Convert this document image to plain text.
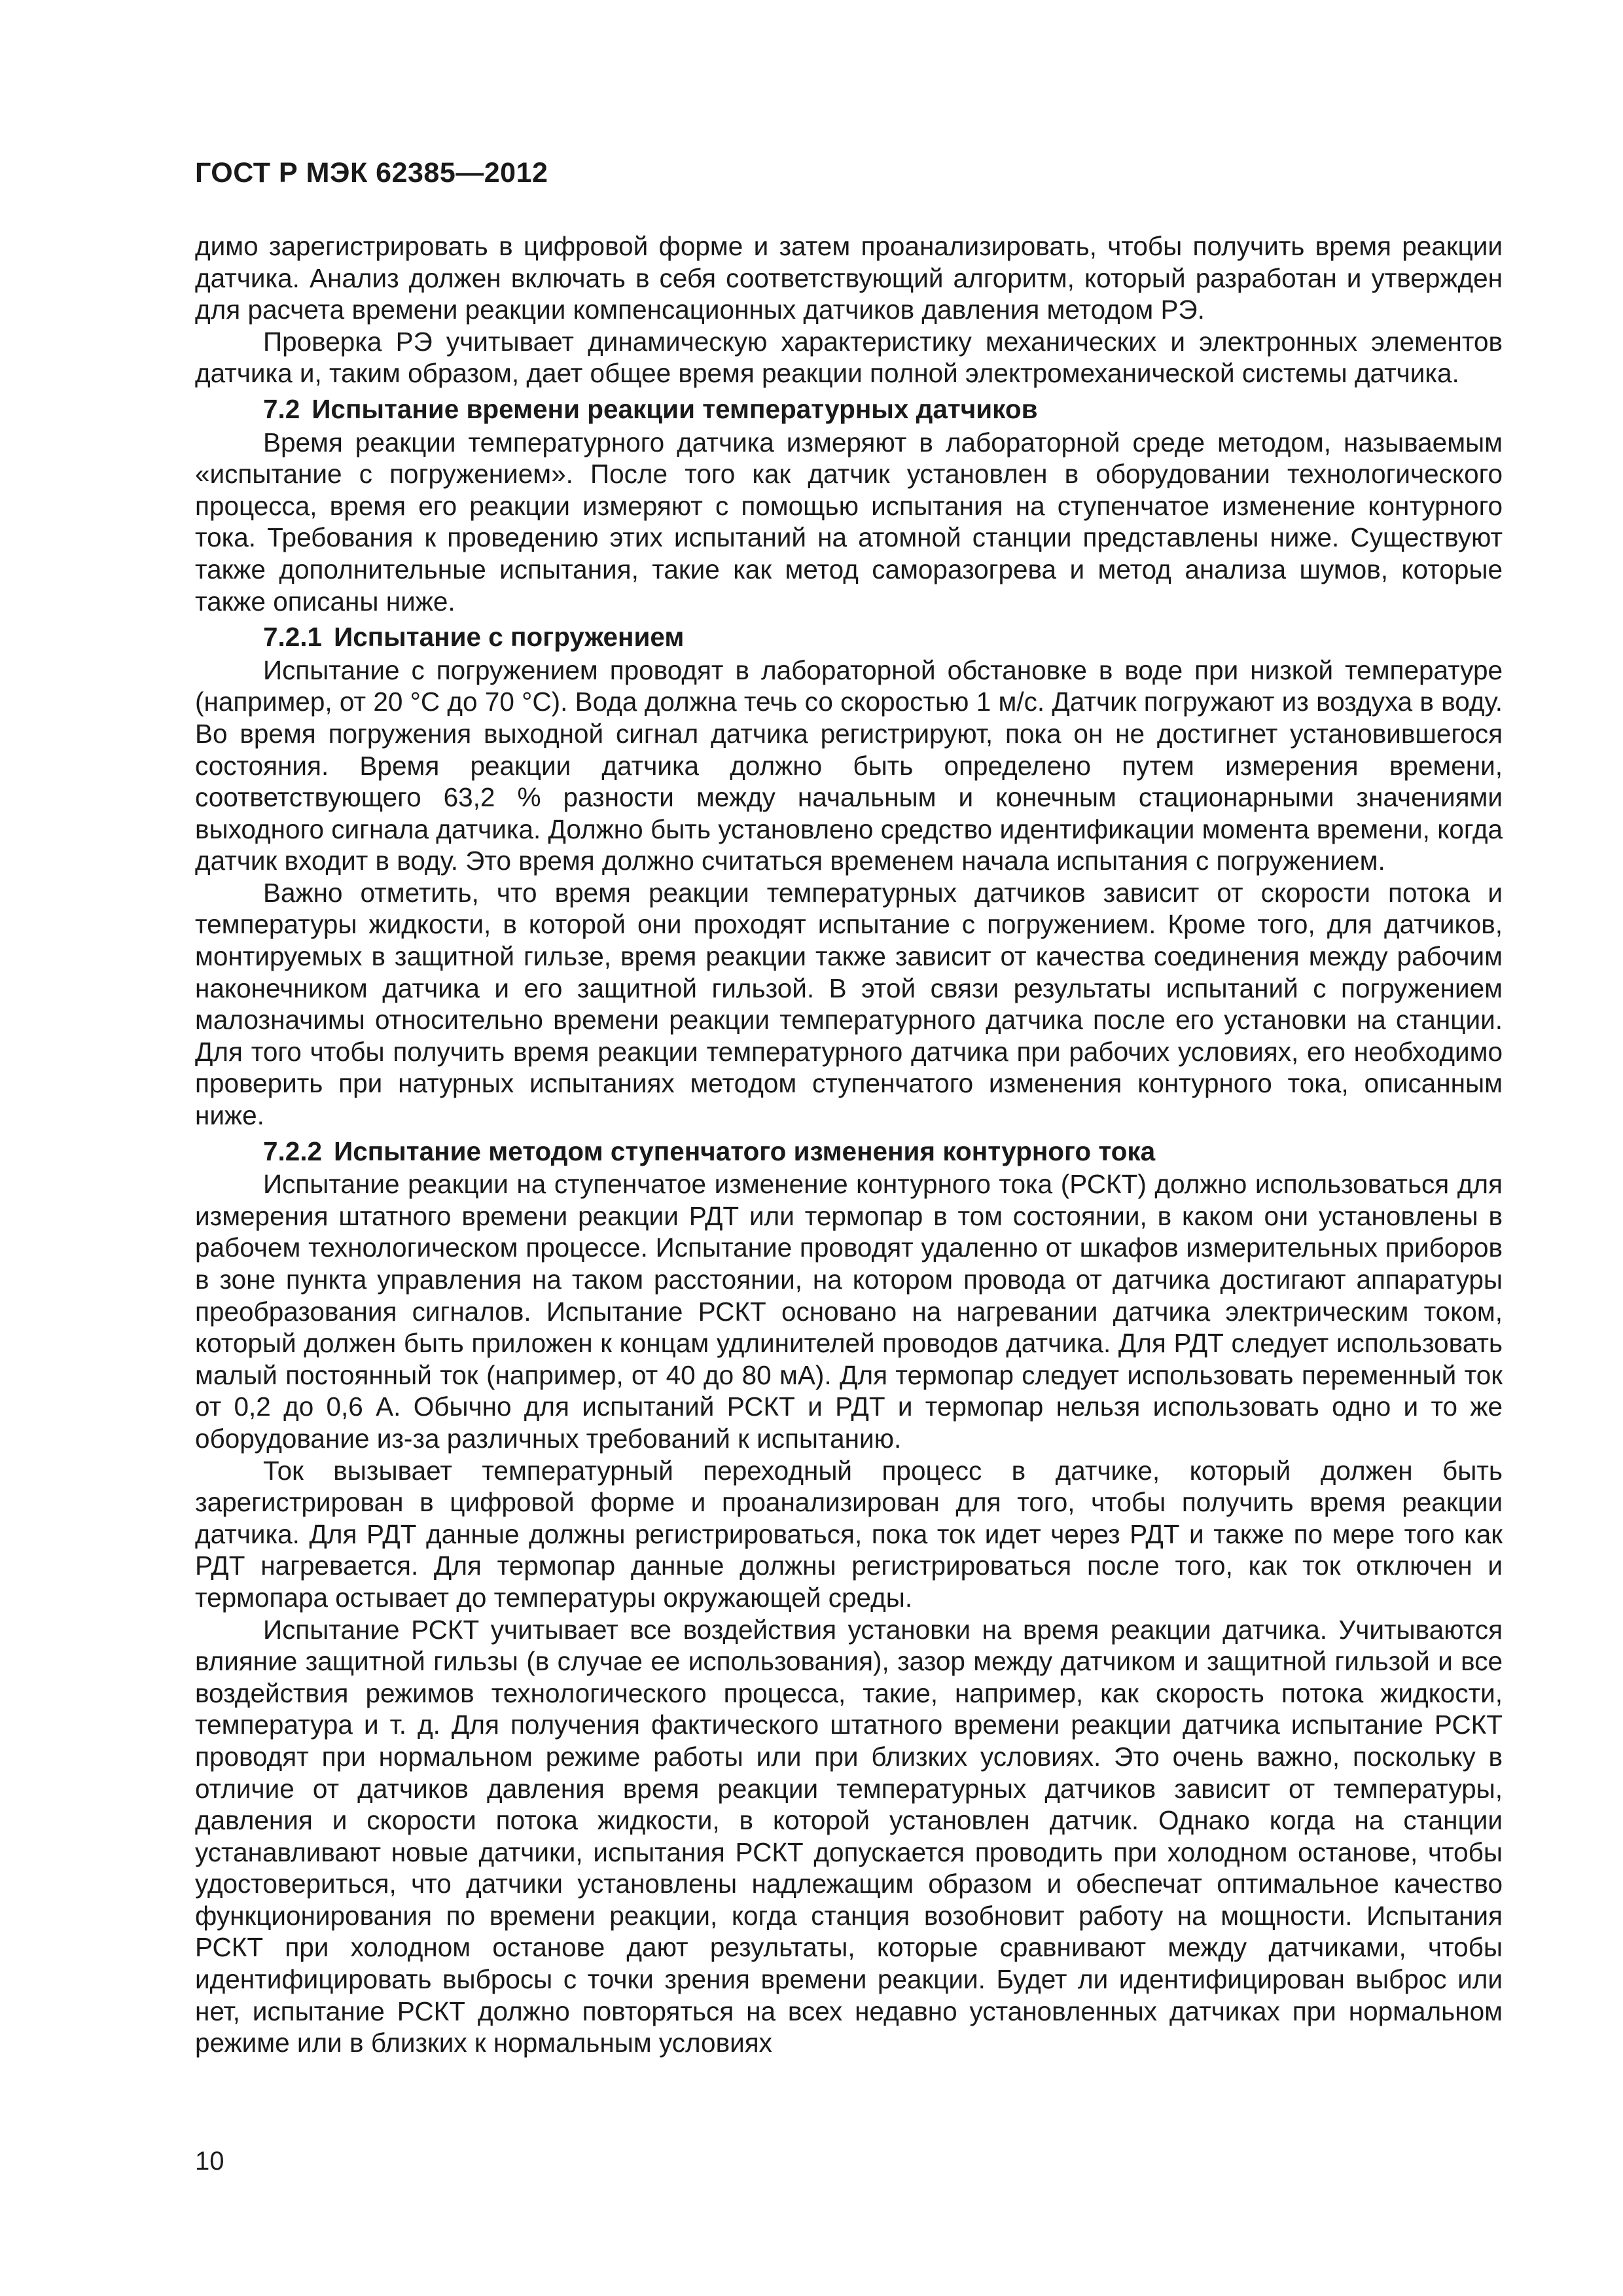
ГОСТ Р МЭК 62385—2012

димо зарегистрировать в цифровой форме и затем проанализировать, чтобы получить время реакции датчика. Анализ должен включать в себя соответствующий алгоритм, который разработан и утвержден для расчета времени реакции компенсационных датчиков давления методом РЭ.

Проверка РЭ учитывает динамическую характеристику механических и электронных элементов датчика и, таким образом, дает общее время реакции полной электромеханической системы датчика.

7.2 Испытание времени реакции температурных датчиков

Время реакции температурного датчика измеряют в лабораторной среде методом, называемым «испытание с погружением». После того как датчик установлен в оборудовании технологического процесса, время его реакции измеряют с помощью испытания на ступенчатое изменение контурного тока. Требования к проведению этих испытаний на атомной станции представлены ниже. Существуют также дополнительные испытания, такие как метод саморазогрева и метод анализа шумов, которые также описаны ниже.

7.2.1 Испытание с погружением

Испытание с погружением проводят в лабораторной обстановке в воде при низкой температуре (например, от 20 °С до 70 °С). Вода должна течь со скоростью 1 м/с. Датчик погружают из воздуха в воду. Во время погружения выходной сигнал датчика регистрируют, пока он не достигнет установившегося состояния. Время реакции датчика должно быть определено путем измерения времени, соответствующего 63,2 % разности между начальным и конечным стационарными значениями выходного сигнала датчика. Должно быть установлено средство идентификации момента времени, когда датчик входит в воду. Это время должно считаться временем начала испытания с погружением.

Важно отметить, что время реакции температурных датчиков зависит от скорости потока и температуры жидкости, в которой они проходят испытание с погружением. Кроме того, для датчиков, монтируемых в защитной гильзе, время реакции также зависит от качества соединения между рабочим наконечником датчика и его защитной гильзой. В этой связи результаты испытаний с погружением малозначимы относительно времени реакции температурного датчика после его установки на станции. Для того чтобы получить время реакции температурного датчика при рабочих условиях, его необходимо проверить при натурных испытаниях методом ступенчатого изменения контурного тока, описанным ниже.

7.2.2 Испытание методом ступенчатого изменения контурного тока

Испытание реакции на ступенчатое изменение контурного тока (РСКТ) должно использоваться для измерения штатного времени реакции РДТ или термопар в том состоянии, в каком они установлены в рабочем технологическом процессе. Испытание проводят удаленно от шкафов измерительных приборов в зоне пункта управления на таком расстоянии, на котором провода от датчика достигают аппаратуры преобразования сигналов. Испытание РСКТ основано на нагревании датчика электрическим током, который должен быть приложен к концам удлинителей проводов датчика. Для РДТ следует использовать малый постоянный ток (например, от 40 до 80 мА). Для термопар следует использовать переменный ток от 0,2 до 0,6 А. Обычно для испытаний РСКТ и РДТ и термопар нельзя использовать одно и то же оборудование из-за различных требований к испытанию.

Ток вызывает температурный переходный процесс в датчике, который должен быть зарегистрирован в цифровой форме и проанализирован для того, чтобы получить время реакции датчика. Для РДТ данные должны регистрироваться, пока ток идет через РДТ и также по мере того как РДТ нагревается. Для термопар данные должны регистрироваться после того, как ток отключен и термопара остывает до температуры окружающей среды.

Испытание РСКТ учитывает все воздействия установки на время реакции датчика. Учитываются влияние защитной гильзы (в случае ее использования), зазор между датчиком и защитной гильзой и все воздействия режимов технологического процесса, такие, например, как скорость потока жидкости, температура и т. д. Для получения фактического штатного времени реакции датчика испытание РСКТ проводят при нормальном режиме работы или при близких условиях. Это очень важно, поскольку в отличие от датчиков давления время реакции температурных датчиков зависит от температуры, давления и скорости потока жидкости, в которой установлен датчик. Однако когда на станции устанавливают новые датчики, испытания РСКТ допускается проводить при холодном останове, чтобы удостовериться, что датчики установлены надлежащим образом и обеспечат оптимальное качество функционирования по времени реакции, когда станция возобновит работу на мощности. Испытания РСКТ при холодном останове дают результаты, которые сравнивают между датчиками, чтобы идентифицировать выбросы с точки зрения времени реакции. Будет ли идентифицирован выброс или нет, испытание РСКТ должно повторяться на всех недавно установленных датчиках при нормальном режиме или в близких к нормальным условиях

10
